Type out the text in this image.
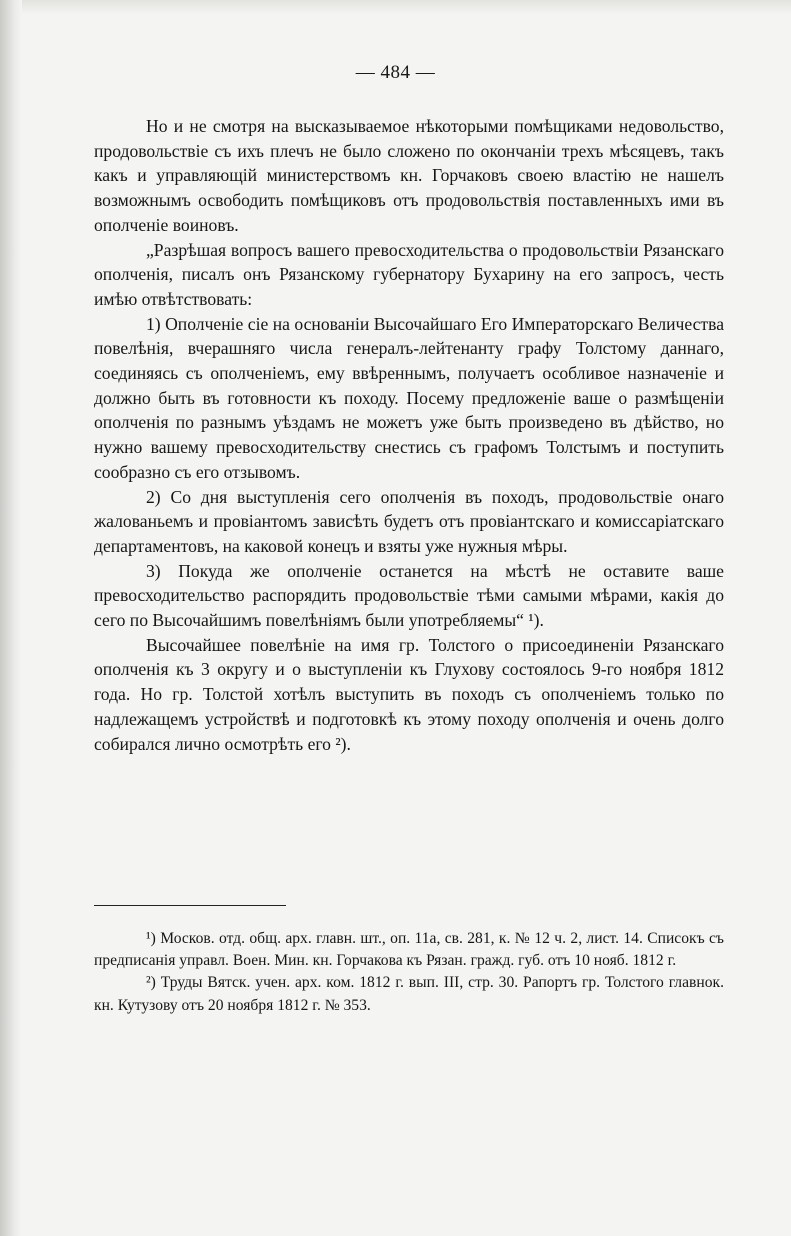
— 484 —

Но и не смотря на высказываемое нѣкоторыми помѣщиками недовольство, продовольствіе съ ихъ плечъ не было сложено по окончаніи трехъ мѣсяцевъ, такъ какъ и управляющій министерствомъ кн. Горчаковъ своею властію не нашелъ возможнымъ освободить помѣщиковъ отъ продовольствія поставленныхъ ими въ ополченіе воиновъ.

„Разрѣшая вопросъ вашего превосходительства о продовольствіи Рязанскаго ополченія, писалъ онъ Рязанскому губернатору Бухарину на его запросъ, честь имѣю отвѣтствовать:

1) Ополченіе сіе на основаніи Высочайшаго Его Императорскаго Величества повелѣнія, вчерашняго числа генералъ-лейтенанту графу Толстому даннаго, соединяясь съ ополченіемъ, ему ввѣреннымъ, получаетъ особливое назначеніе и должно быть въ готовности къ походу. Посему предложеніе ваше о размѣщеніи ополченія по разнымъ уѣздамъ не можетъ уже быть произведено въ дѣйство, но нужно вашему превосходительству снестись съ графомъ Толстымъ и поступить сообразно съ его отзывомъ.

2) Со дня выступленія сего ополченія въ походъ, продовольствіе онаго жалованьемъ и провіантомъ зависѣть будетъ отъ провіантскаго и комиссаріатскаго департаментовъ, на каковой конецъ и взяты уже нужныя мѣры.

3) Покуда же ополченіе останется на мѣстѣ не оставите ваше превосходительство распорядить продовольствіе тѣми самыми мѣрами, какія до сего по Высочайшимъ повелѣніямъ были употребляемы“ ¹).

Высочайшее повелѣніе на имя гр. Толстого о присоединеніи Рязанскаго ополченія къ 3 округу и о выступленіи къ Глухову состоялось 9-го ноября 1812 года. Но гр. Толстой хотѣлъ выступить въ походъ съ ополченіемъ только по надлежащемъ устройствѣ и подготовкѣ къ этому походу ополченія и очень долго собирался лично осмотрѣть его ²).

¹) Москов. отд. общ. арх. главн. шт., оп. 11а, св. 281, к. № 12 ч. 2, лист. 14. Списокъ съ предписанія управл. Воен. Мин. кн. Горчакова къ Рязан. гражд. губ. отъ 10 нояб. 1812 г.

²) Труды Вятск. учен. арх. ком. 1812 г. вып. III, стр. 30. Рапортъ гр. Толстого главнок. кн. Кутузову отъ 20 ноября 1812 г. № 353.
